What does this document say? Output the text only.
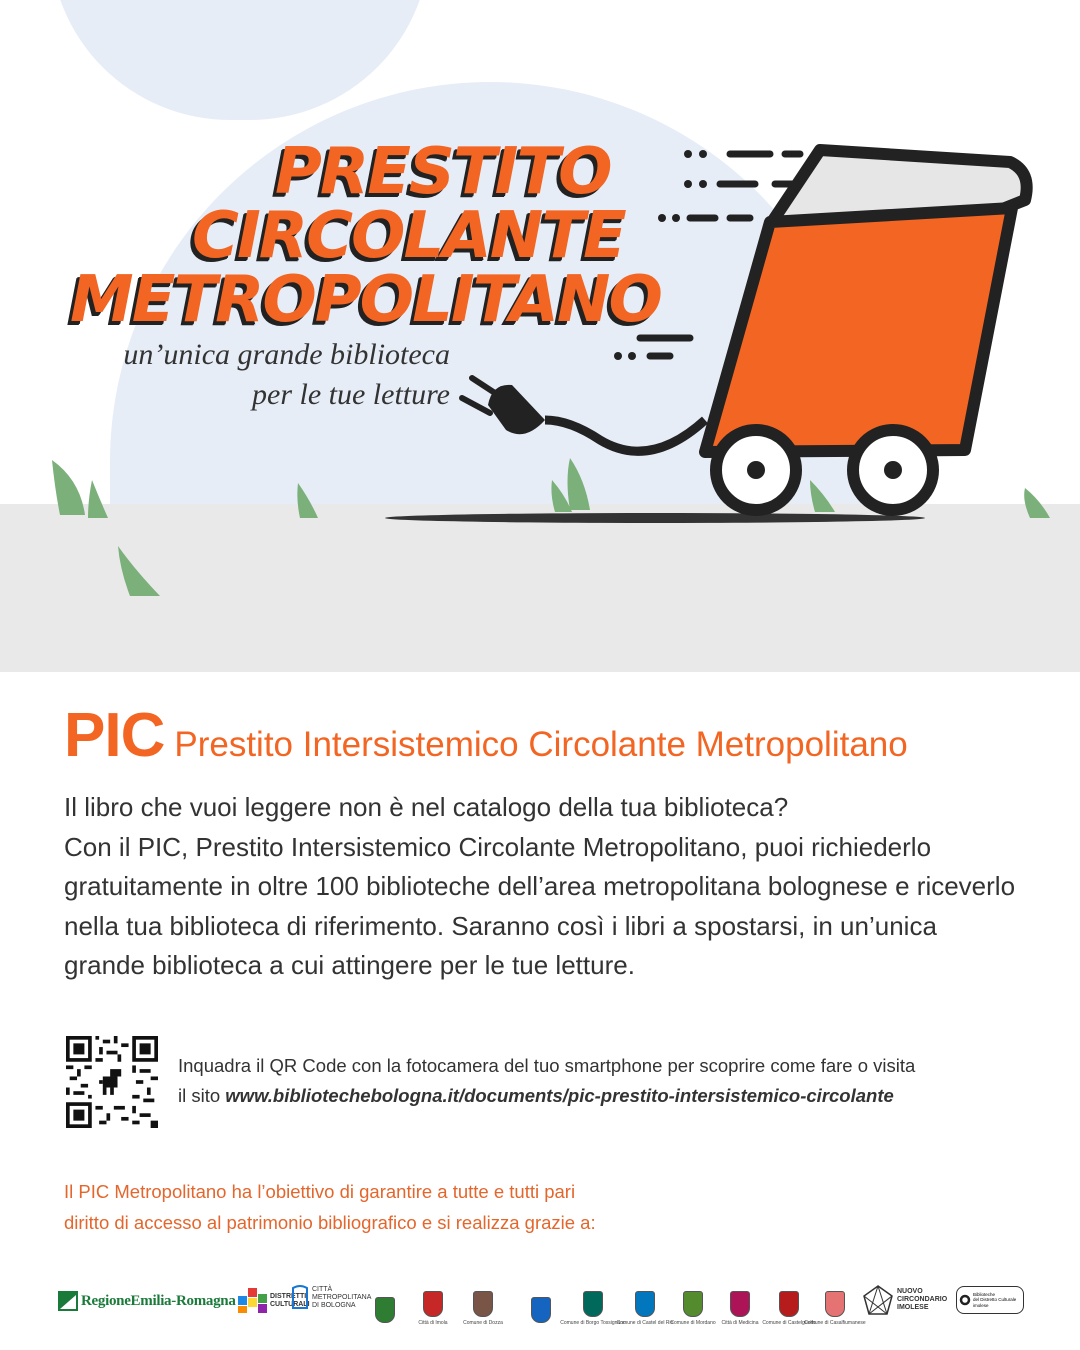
PRESTITO
CIRCOLANTE
METROPOLITANO
un’unica grande biblioteca
per le tue letture
PIC Prestito Intersistemico Circolante Metropolitano

Il libro che vuoi leggere non è nel catalogo della tua biblioteca?

Con il PIC, Prestito Intersistemico Circolante Metropolitano, puoi richiederlo gratuitamente in oltre 100 biblioteche dell’area metropolitana bolognese e riceverlo nella tua biblioteca di riferimento. Saranno così i libri a spostarsi, in un’unica grande biblioteca a cui attingere per le tue letture.

Inquadra il QR Code con la fotocamera del tuo smartphone per scoprire come fare o visita
il sito www.bibliotechebologna.it/documents/pic-prestito-intersistemico-circolante

Il PIC Metropolitano ha l’obiettivo di garantire a tutte e tutti pari

diritto di accesso al patrimonio bibliografico e si realizza grazie a:

RegioneEmilia-Romagna	DISTRETTI
CULTURALI
CITTÀ
METROPOLITANA
DI BOLOGNA
Città di Imola	Comune di Dozza	Comune di Borgo Tossignano
Comune di Castel del Rio
Comune di Mordano Città di Medicina Comune di Castelguelfo
Comune di Casalfiumanese
NUOVO
CIRCONDARIO
IMOLESE
Biblioteche
del Distretto Culturale
imolese
